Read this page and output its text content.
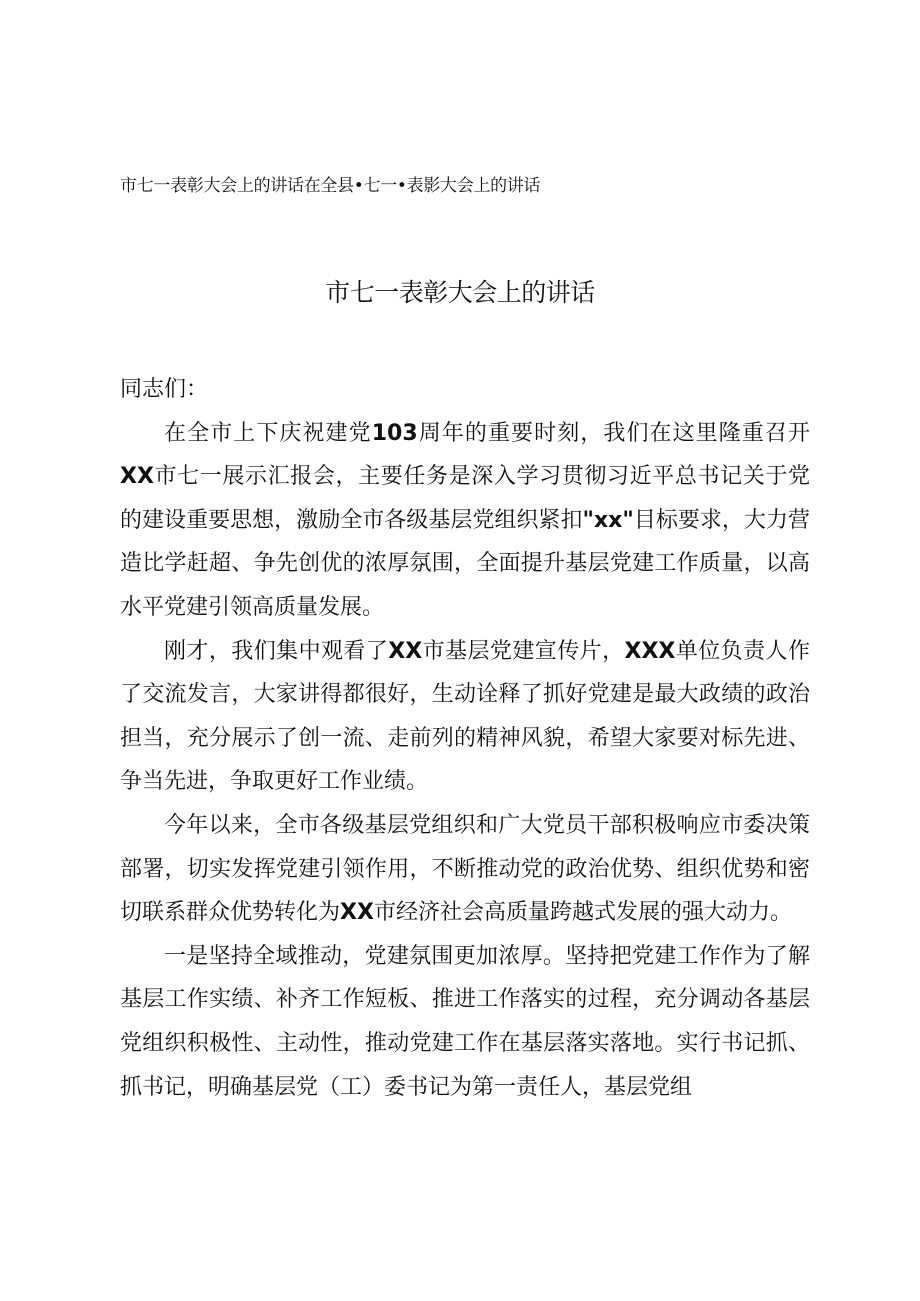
市七一表彰大会上的讲话在全县•七一•表影大会上的讲话
市七一表彰大会上的讲话

同志们：

在全市上下庆祝建党103周年的重要时刻，我们在这里隆重召开XX市七一展示汇报会，主要任务是深入学习贯彻习近平总书记关于党的建设重要思想，激励全市各级基层党组织紧扣"xx"目标要求，大力营造比学赶超、争先创优的浓厚氛围，全面提升基层党建工作质量，以高水平党建引领高质量发展。

刚才，我们集中观看了XX市基层党建宣传片，XXX单位负责人作了交流发言，大家讲得都很好，生动诠释了抓好党建是最大政绩的政治担当，充分展示了创一流、走前列的精神风貌，希望大家要对标先进、争当先进，争取更好工作业绩。

今年以来，全市各级基层党组织和广大党员干部积极响应市委决策部署，切实发挥党建引领作用，不断推动党的政治优势、组织优势和密切联系群众优势转化为XX市经济社会高质量跨越式发展的强大动力。

一是坚持全域推动，党建氛围更加浓厚。坚持把党建工作作为了解基层工作实绩、补齐工作短板、推进工作落实的过程，充分调动各基层党组织积极性、主动性，推动党建工作在基层落实落地。实行书记抓、抓书记，明确基层党（工）委书记为第一责任人，基层党组
